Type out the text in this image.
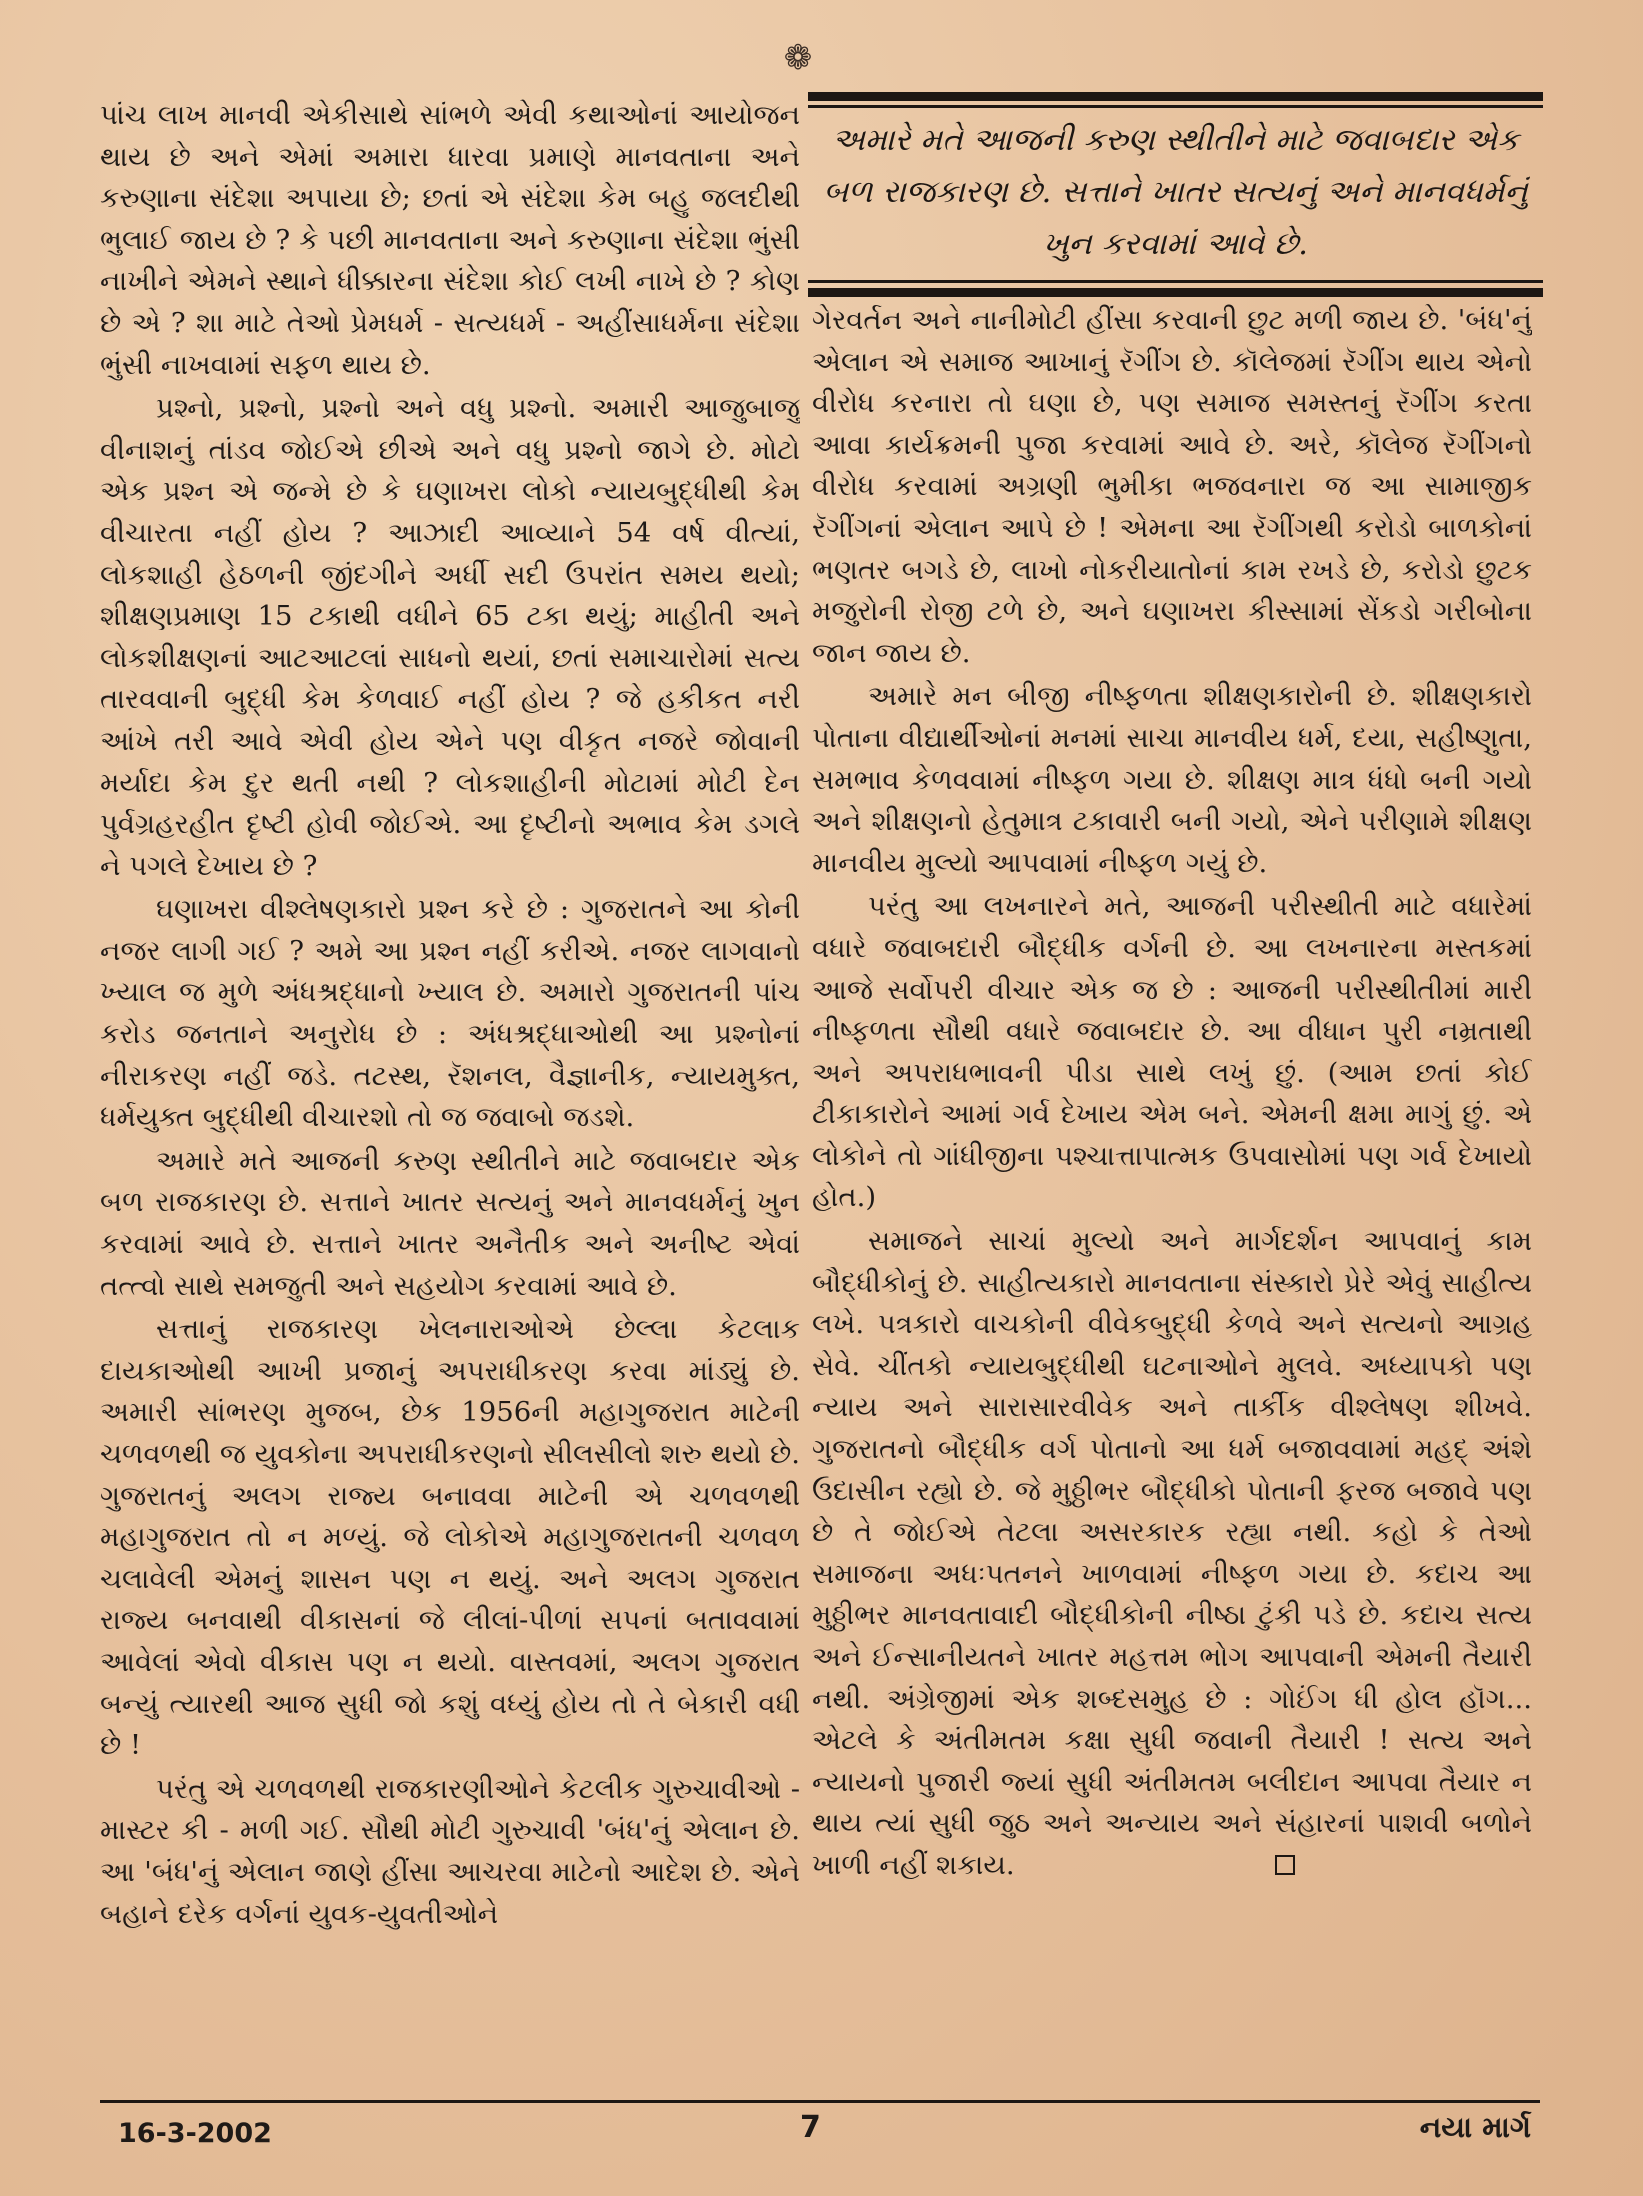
❁

પાંચ લાખ માનવી એકીસાથે સાંભળે એવી કથાઓનાં આયોજન થાય છે અને એમાં અમારા ધારવા પ્રમાણે માનવતાના અને કરુણાના સંદેશા અપાયા છે; છતાં એ સંદેશા કેમ બહુ જલદીથી ભુલાઈ જાય છે ? કે પછી માનવતાના અને કરુણાના સંદેશા ભુંસી નાખીને એમને સ્થાને ધીક્કારના સંદેશા કોઈ લખી નાખે છે ? કોણ છે એ ? શા માટે તેઓ પ્રેમધર્મ - સત્યધર્મ - અહીંસાધર્મના સંદેશા ભુંસી નાખવામાં સફળ થાય છે.

પ્રશ્નો, પ્રશ્નો, પ્રશ્નો અને વધુ પ્રશ્નો. અમારી આજુબાજુ વીનાશનું તાંડવ જોઈએ છીએ અને વધુ પ્રશ્નો જાગે છે. મોટો એક પ્રશ્ન એ જન્મે છે કે ઘણાખરા લોકો ન્યાયબુદ્ધીથી કેમ વીચારતા નહીં હોય ? આઝાદી આવ્યાને 54 વર્ષ વીત્યાં, લોકશાહી હેઠળની જીંદગીને અર્ધી સદી ઉપરાંત સમય થયો; શીક્ષણપ્રમાણ 15 ટકાથી વધીને 65 ટકા થયું; માહીતી અને લોકશીક્ષણનાં આટઆટલાં સાધનો થયાં, છતાં સમાચારોમાં સત્ય તારવવાની બુદ્ધી કેમ કેળવાઈ નહીં હોય ? જે હકીકત નરી આંખે તરી આવે એવી હોય એને પણ વીકૃત નજરે જોવાની મર્યાદા કેમ દુર થતી નથી ? લોકશાહીની મોટામાં મોટી દેન પુર્વગ્રહરહીત દૃષ્ટી હોવી જોઈએ. આ દૃષ્ટીનો અભાવ કેમ ડગલે ને પગલે દેખાય છે ?

ઘણાખરા વીશ્લેષણકારો પ્રશ્ન કરે છે : ગુજરાતને આ કોની નજર લાગી ગઈ ? અમે આ પ્રશ્ન નહીં કરીએ. નજર લાગવાનો ખ્યાલ જ મુળે અંધશ્રદ્ધાનો ખ્યાલ છે. અમારો ગુજરાતની પાંચ કરોડ જનતાને અનુરોધ છે : અંધશ્રદ્ધાઓથી આ પ્રશ્નોનાં નીરાકરણ નહીં જડે. તટસ્થ, રૅશનલ, વૈજ્ઞાનીક, ન્યાયમુક્ત, ધર્મયુક્ત બુદ્ધીથી વીચારશો તો જ જવાબો જડશે.

અમારે મતે આજની કરુણ સ્થીતીને માટે જવાબદાર એક બળ રાજકારણ છે. સત્તાને ખાતર સત્યનું અને માનવધર્મનું ખુન કરવામાં આવે છે. સત્તાને ખાતર અનૈતીક અને અનીષ્ટ એવાં તત્ત્વો સાથે સમજુતી અને સહયોગ કરવામાં આવે છે.

સત્તાનું રાજકારણ ખેલનારાઓએ છેલ્લા કેટલાક દાયકાઓથી આખી પ્રજાનું અપરાધીકરણ કરવા માંડ્યું છે. અમારી સાંભરણ મુજબ, છેક 1956ની મહાગુજરાત માટેની ચળવળથી જ યુવકોના અપરાધીકરણનો સીલસીલો શરુ થયો છે. ગુજરાતનું અલગ રાજ્ય બનાવવા માટેની એ ચળવળથી મહાગુજરાત તો ન મળ્યું. જે લોકોએ મહાગુજરાતની ચળવળ ચલાવેલી એમનું શાસન પણ ન થયું. અને અલગ ગુજરાત રાજ્ય બનવાથી વીકાસનાં જે લીલાં-પીળાં સપનાં બતાવવામાં આવેલાં એવો વીકાસ પણ ન થયો. વાસ્તવમાં, અલગ ગુજરાત બન્યું ત્યારથી આજ સુધી જો કશું વધ્યું હોય તો તે બેકારી વધી છે !

પરંતુ એ ચળવળથી રાજકારણીઓને કેટલીક ગુરુચાવીઓ - માસ્ટર કી - મળી ગઈ. સૌથી મોટી ગુરુચાવી 'બંધ'નું એલાન છે. આ 'બંધ'નું એલાન જાણે હીંસા આચરવા માટેનો આદેશ છે. એને બહાને દરેક વર્ગનાં યુવક-યુવતીઓને

અમારે મતે આજની કરુણ સ્થીતીને માટે જવાબદાર એક બળ રાજકારણ છે. સત્તાને ખાતર સત્યનું અને માનવધર્મનું ખુન કરવામાં આવે છે.

ગેરવર્તન અને નાનીમોટી હીંસા કરવાની છુટ મળી જાય છે. 'બંધ'નું એલાન એ સમાજ આખાનું રૅગીંગ છે. કૉલેજમાં રૅગીંગ થાય એનો વીરોધ કરનારા તો ઘણા છે, પણ સમાજ સમસ્તનું રૅગીંગ કરતા આવા કાર્યક્રમની પુજા કરવામાં આવે છે. અરે, કૉલેજ રૅગીંગનો વીરોધ કરવામાં અગ્રણી ભુમીકા ભજવનારા જ આ સામાજીક રૅગીંગનાં એલાન આપે છે ! એમના આ રૅગીંગથી કરોડો બાળકોનાં ભણતર બગડે છે, લાખો નોકરીયાતોનાં કામ રખડે છે, કરોડો છુટક મજુરોની રોજી ટળે છે, અને ઘણાખરા કીસ્સામાં સેંકડો ગરીબોના જાન જાય છે.

અમારે મન બીજી નીષ્ફળતા શીક્ષણકારોની છે. શીક્ષણકારો પોતાના વીદ્યાર્થીઓનાં મનમાં સાચા માનવીય ધર્મ, દયા, સહીષ્ણુતા, સમભાવ કેળવવામાં નીષ્ફળ ગયા છે. શીક્ષણ માત્ર ધંધો બની ગયો અને શીક્ષણનો હેતુમાત્ર ટકાવારી બની ગયો, એને પરીણામે શીક્ષણ માનવીય મુલ્યો આપવામાં નીષ્ફળ ગયું છે.

પરંતુ આ લખનારને મતે, આજની પરીસ્થીતી માટે વધારેમાં વધારે જવાબદારી બૌદ્ધીક વર્ગની છે. આ લખનારના મસ્તકમાં આજે સર્વોપરી વીચાર એક જ છે : આજની પરીસ્થીતીમાં મારી નીષ્ફળતા સૌથી વધારે જવાબદાર છે. આ વીધાન પુરી નમ્રતાથી અને અપરાધભાવની પીડા સાથે લખું છું. (આમ છતાં કોઈ ટીકાકારોને આમાં ગર્વ દેખાય એમ બને. એમની ક્ષમા માગું છું. એ લોકોને તો ગાંધીજીના પશ્ચાત્તાપાત્મક ઉપવાસોમાં પણ ગર્વ દેખાયો હોત.)

સમાજને સાચાં મુલ્યો અને માર્ગદર્શન આપવાનું કામ બૌદ્ધીકોનું છે. સાહીત્યકારો માનવતાના સંસ્કારો પ્રેરે એવું સાહીત્ય લખે. પત્રકારો વાચકોની વીવેકબુદ્ધી કેળવે અને સત્યનો આગ્રહ સેવે. ચીંતકો ન્યાયબુદ્ધીથી ઘટનાઓને મુલવે. અધ્યાપકો પણ ન્યાય અને સારાસારવીવેક અને તાર્કીક વીશ્લેષણ શીખવે. ગુજરાતનો બૌદ્ધીક વર્ગ પોતાનો આ ધર્મ બજાવવામાં મહદ્ અંશે ઉદાસીન રહ્યો છે. જે મુઠ્ઠીભર બૌદ્ધીકો પોતાની ફરજ બજાવે પણ છે તે જોઈએ તેટલા અસરકારક રહ્યા નથી. કહો કે તેઓ સમાજના અધઃપતનને ખાળવામાં નીષ્ફળ ગયા છે. કદાચ આ મુઠ્ઠીભર માનવતાવાદી બૌદ્ધીકોની નીષ્ઠા ટુંકી પડે છે. કદાચ સત્ય અને ઈન્સાનીયતને ખાતર મહત્તમ ભોગ આપવાની એમની તૈયારી નથી. અંગ્રેજીમાં એક શબ્દસમુહ છે : ગોઈંગ ધી હોલ હૉગ... એટલે કે અંતીમતમ કક્ષા સુધી જવાની તૈયારી ! સત્ય અને ન્યાયનો પુજારી જ્યાં સુધી અંતીમતમ બલીદાન આપવા તૈયાર ન થાય ત્યાં સુધી જુઠ અને અન્યાય અને સંહારનાં પાશવી બળોને ખાળી નહીં શકાય.

16-3-2002	7	નયા માર્ગ
